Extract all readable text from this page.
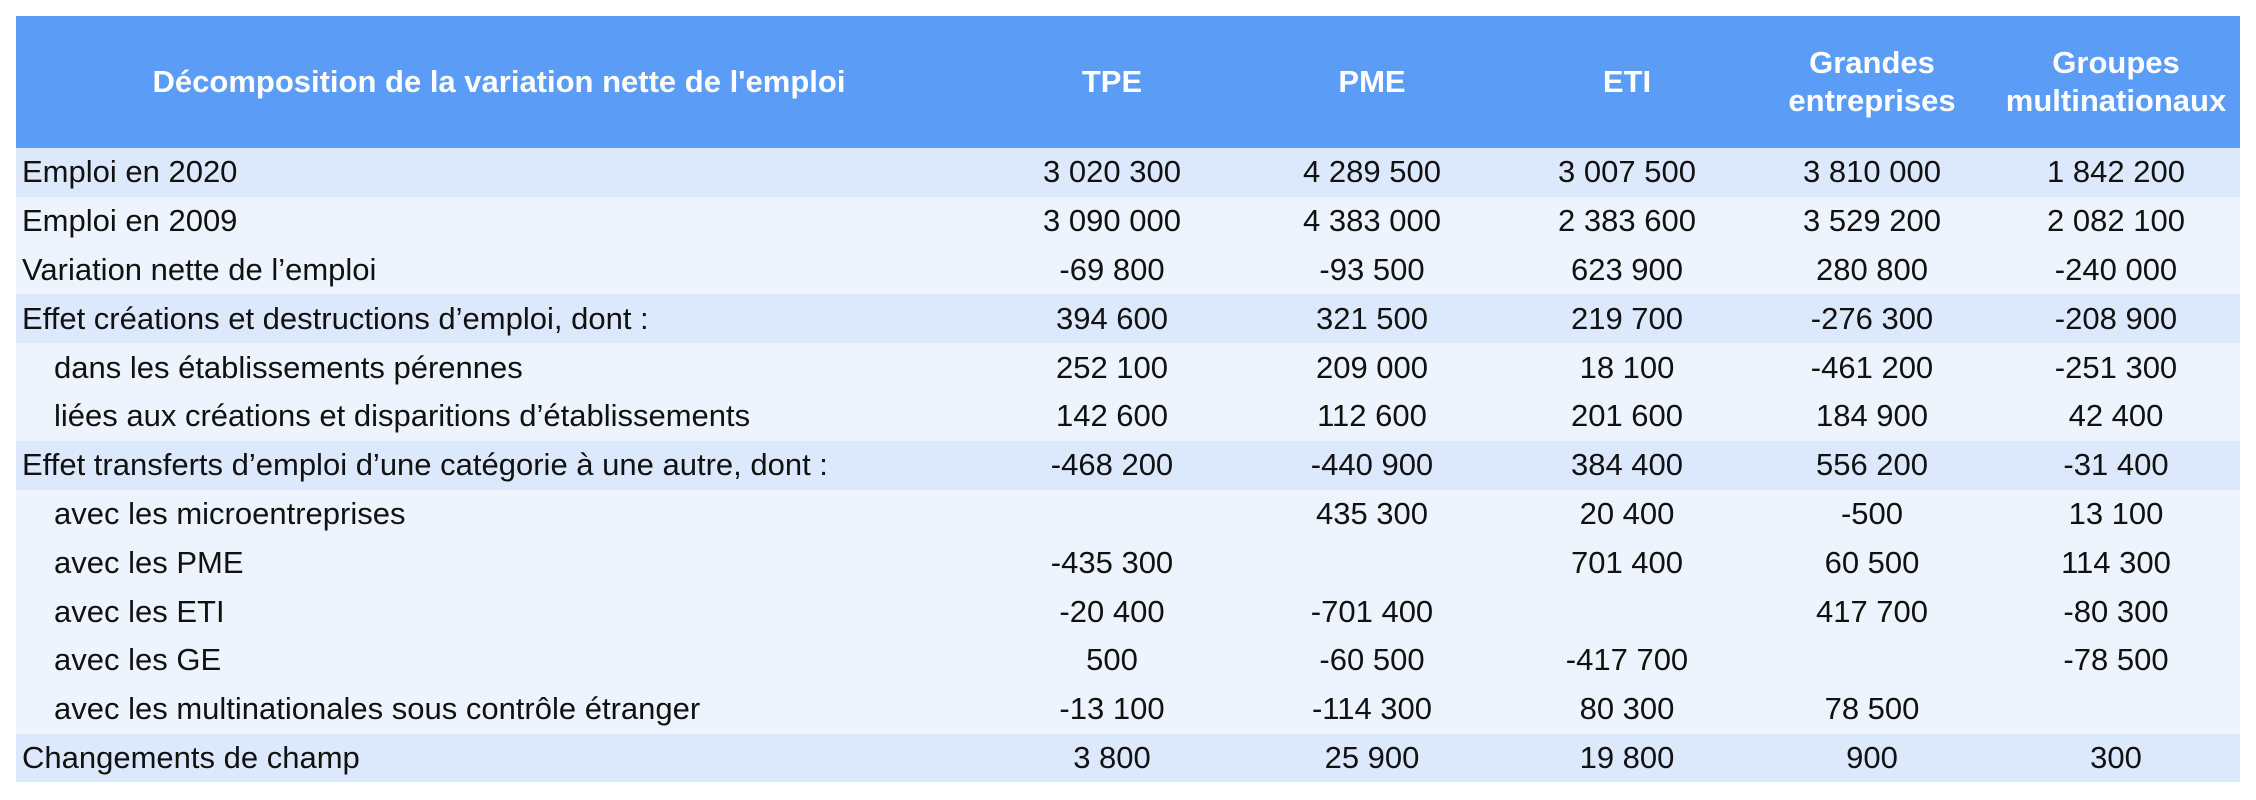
Décomposition de la variation nette de l'emploi	TPE	PME	ETI	Grandes
entreprises	Groupes
multinationaux
Emploi en 2020	3 020 300	4 289 500	3 007 500	3 810 000	1 842 200
Emploi en 2009	3 090 000	4 383 000	2 383 600	3 529 200	2 082 100
Variation nette de l’emploi	-69 800	-93 500	623 900	280 800	-240 000
Effet créations et destructions d’emploi, dont :	394 600	321 500	219 700	-276 300	-208 900
dans les établissements pérennes	252 100	209 000	18 100	-461 200	-251 300
liées aux créations et disparitions d’établissements	142 600	112 600	201 600	184 900	42 400
Effet transferts d’emploi d’une catégorie à une autre, dont :	-468 200	-440 900	384 400	556 200	-31 400
avec les microentreprises		435 300	20 400	-500	13 100
avec les PME	-435 300		701 400	60 500	114 300
avec les ETI	-20 400	-701 400		417 700	-80 300
avec les GE	500	-60 500	-417 700		-78 500
avec les multinationales sous contrôle étranger	-13 100	-114 300	80 300	78 500	
Changements de champ	3 800	25 900	19 800	900	300
